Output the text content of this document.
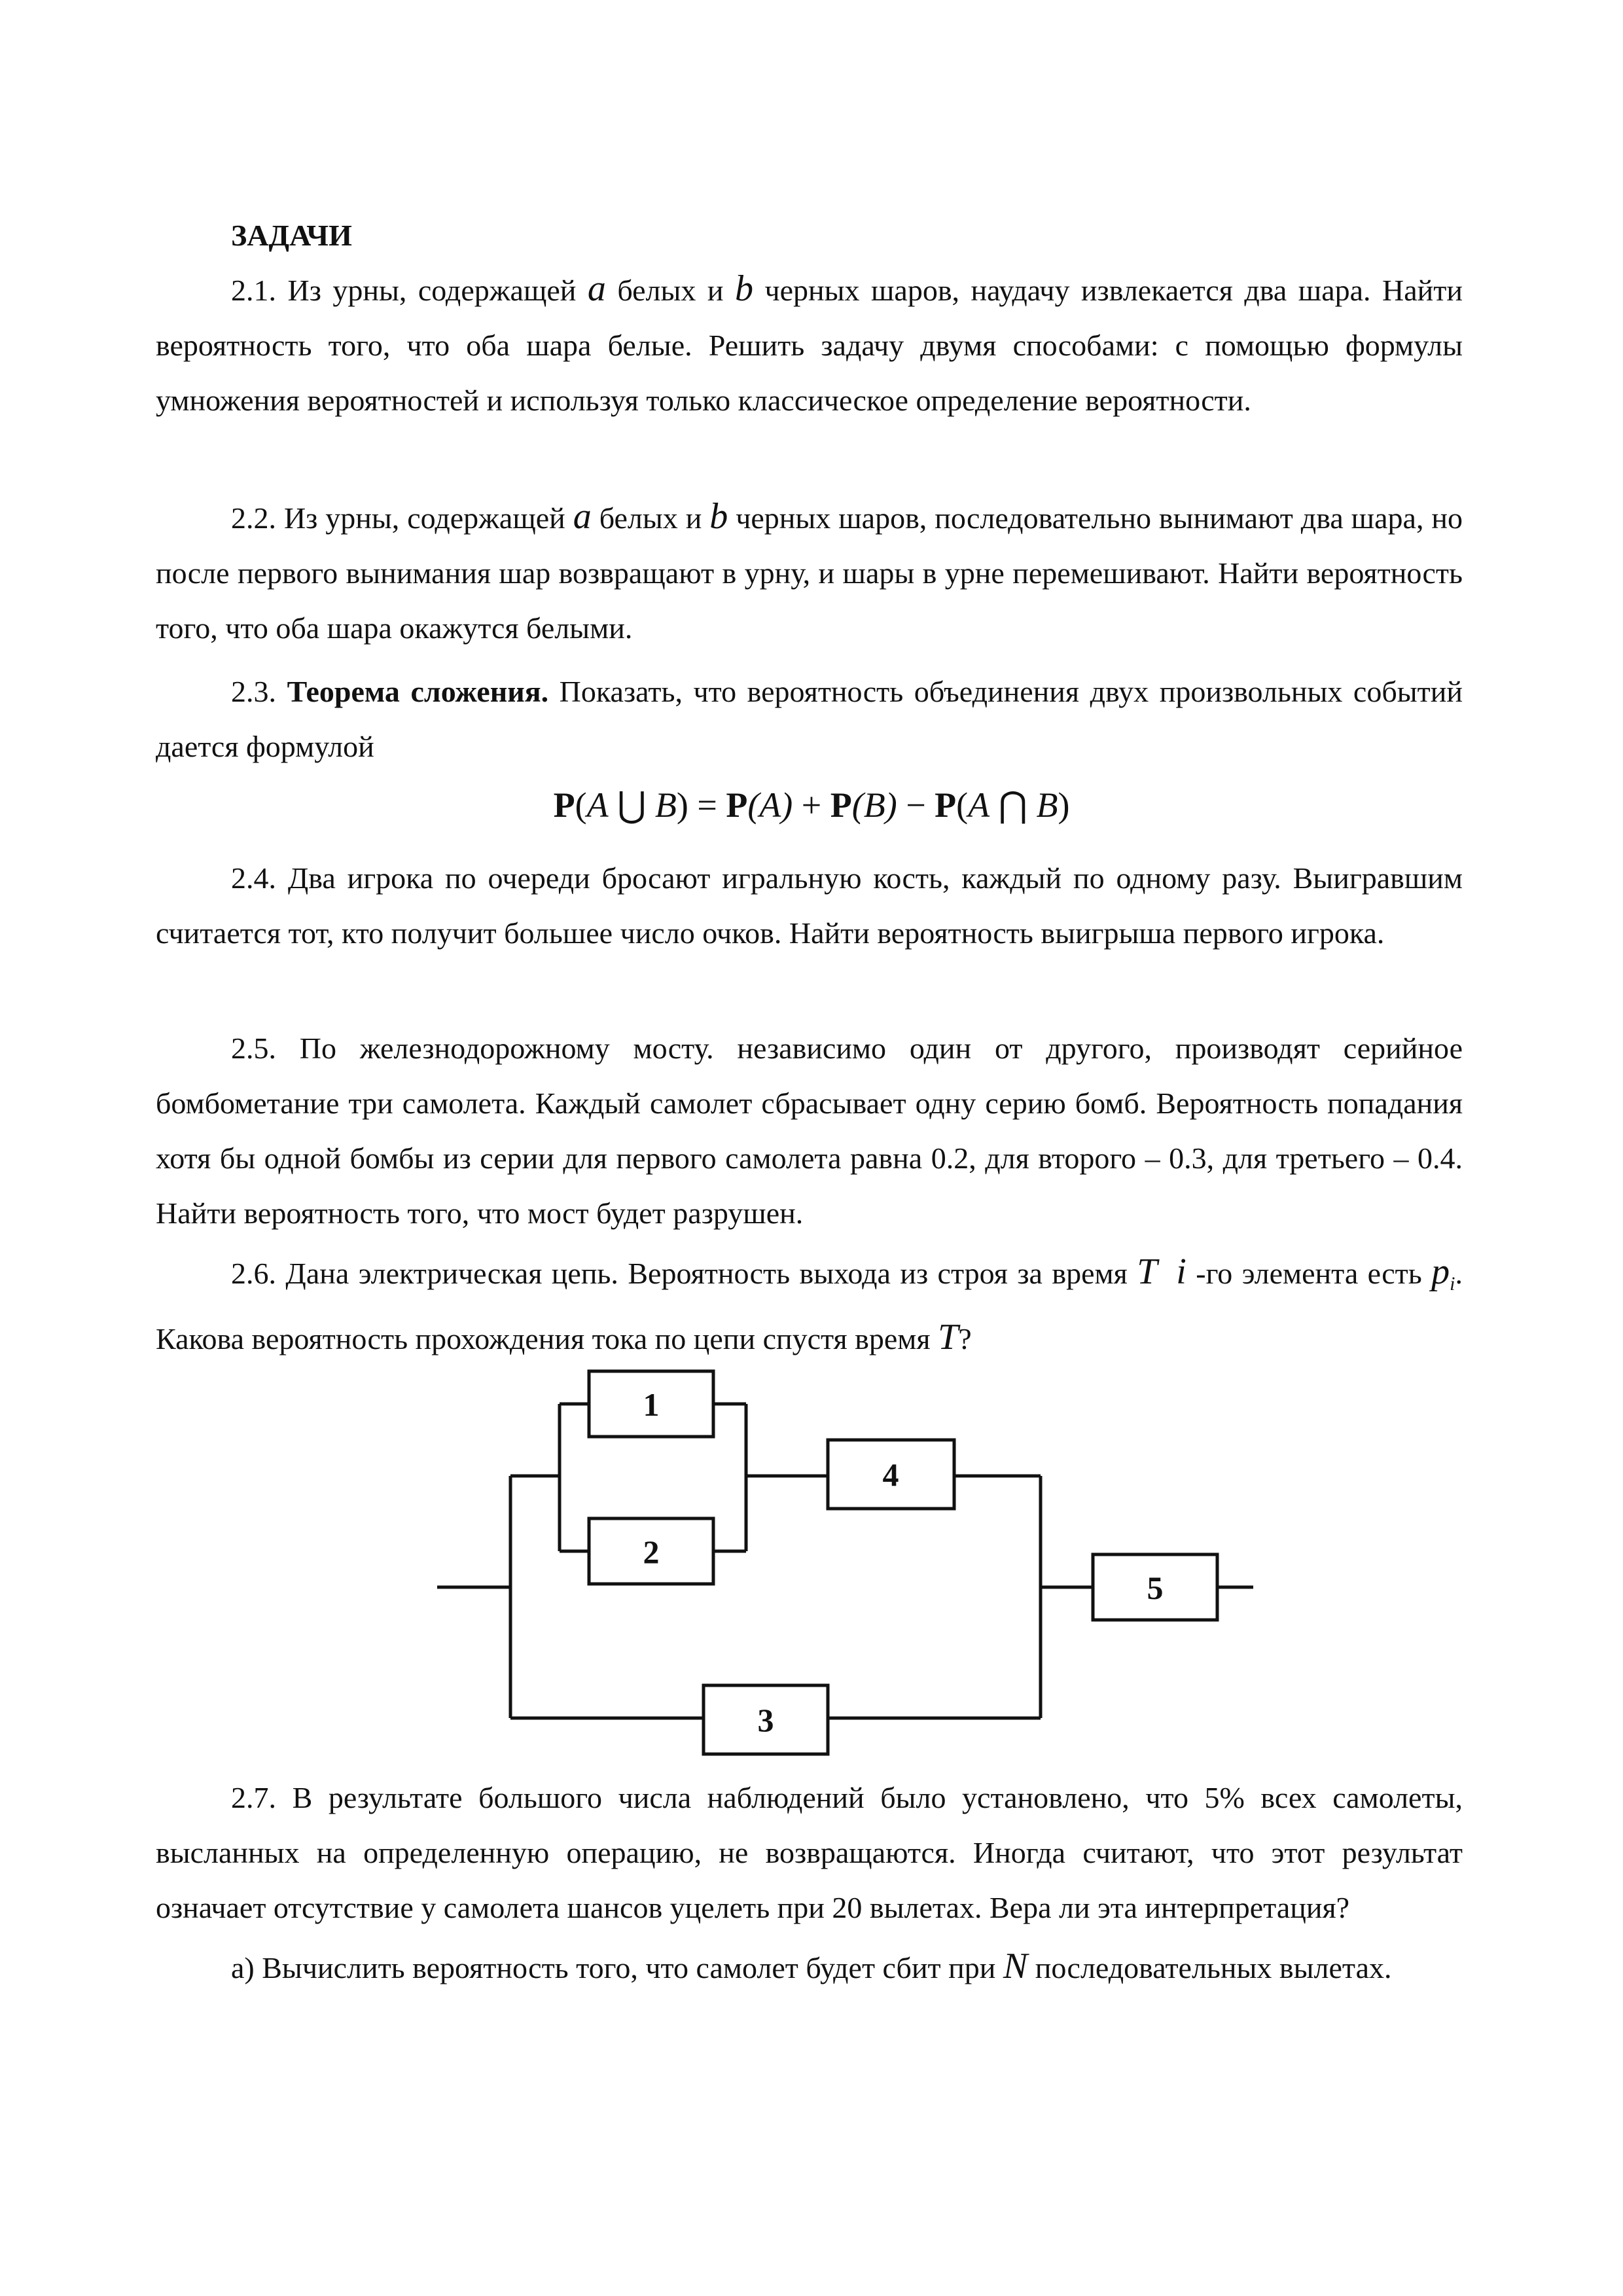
ЗАДАЧИ

2.1. Из урны, содержащей a белых и b черных шаров, наудачу извлекается два шара. Найти вероятность того, что оба шара белые. Решить задачу двумя способами: с помощью формулы умножения вероятностей и используя только классическое определение вероятности.

2.2. Из урны, содержащей a белых и b черных шаров, последовательно вынимают два шара, но после первого вынимания шар возвращают в урну, и шары в урне перемешивают. Найти вероятность того, что оба шара окажутся белыми.

2.3. Теорема сложения. Показать, что вероятность объединения двух произвольных событий дается формулой

P(A ⋃ B) = P(A) + P(B) − P(A ⋂ B)

2.4. Два игрока по очереди бросают игральную кость, каждый по одному разу. Выигравшим считается тот, кто получит большее число очков. Найти вероятность выигрыша первого игрока.

2.5. По железнодорожному мосту. независимо один от другого, производят серийное бомбометание три самолета. Каждый самолет сбрасывает одну серию бомб. Вероятность попадания хотя бы одной бомбы из серии для первого самолета равна 0.2, для второго – 0.3, для третьего – 0.4. Найти вероятность того, что мост будет разрушен.

2.6. Дана электрическая цепь. Вероятность выхода из строя за время T i -го элемента есть $p_i$. Какова вероятность прохождения тока по цепи спустя время T?

1
2
3
4
5

2.7. В результате большого числа наблюдений было установлено, что 5% всех самолеты, высланных на определенную операцию, не возвращаются. Иногда считают, что этот результат означает отсутствие у самолета шансов уцелеть при 20 вылетах. Вера ли эта интерпретация?

а) Вычислить вероятность того, что самолет будет сбит при N последовательных вылетах.
